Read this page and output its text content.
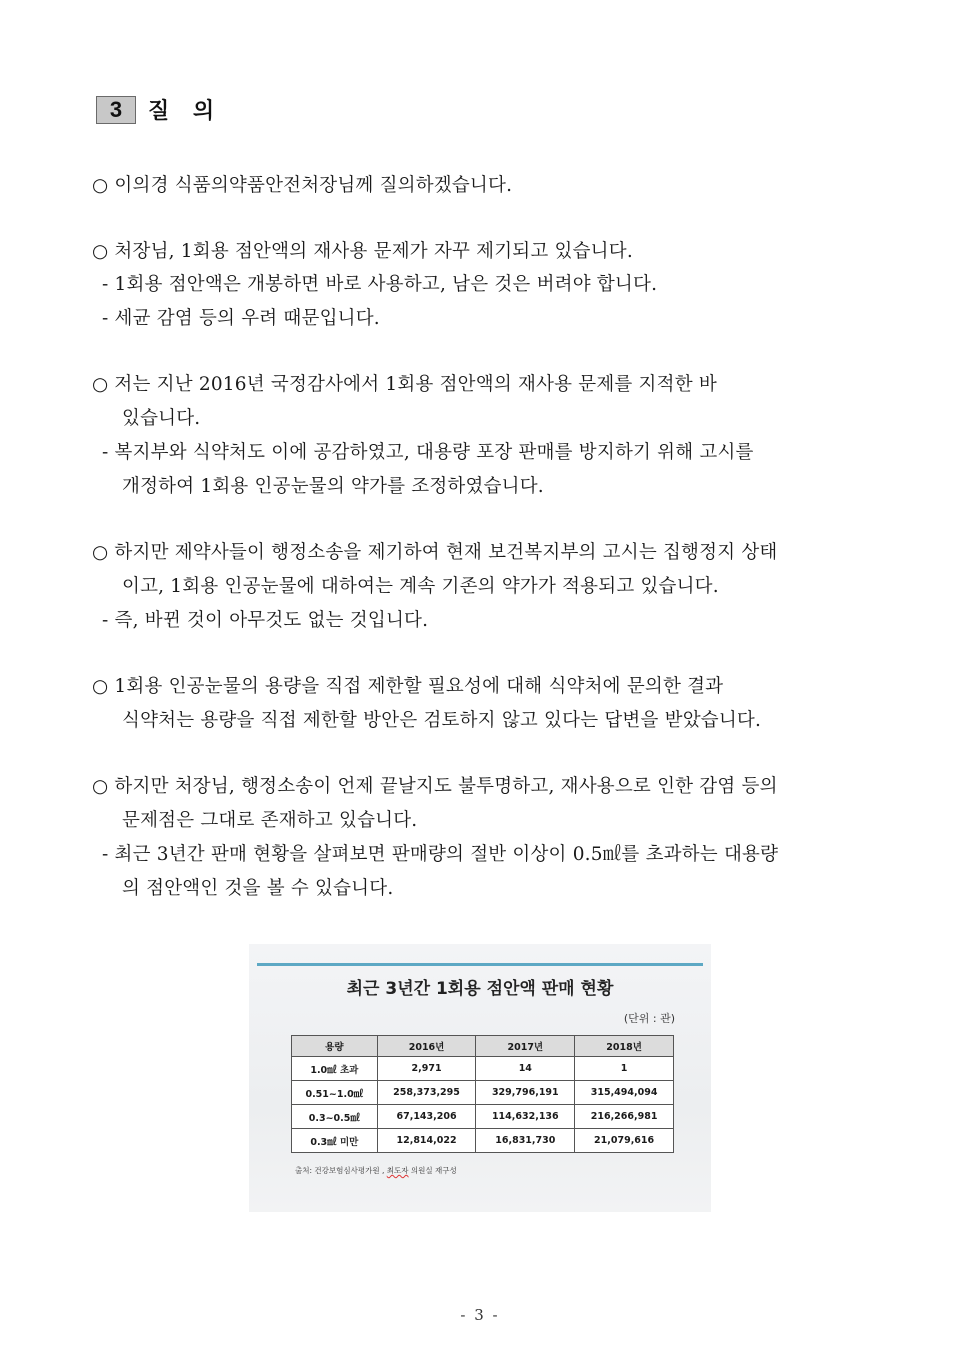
3	질 의
○ 이의경 식품의약품안전처장님께 질의하겠습니다.
○ 처장님, 1회용 점안액의 재사용 문제가 자꾸 제기되고 있습니다.
- 1회용 점안액은 개봉하면 바로 사용하고, 남은 것은 버려야 합니다.
- 세균 감염 등의 우려 때문입니다.
○ 저는 지난 2016년 국정감사에서 1회용 점안액의 재사용 문제를 지적한 바
있습니다.
- 복지부와 식약처도 이에 공감하였고, 대용량 포장 판매를 방지하기 위해 고시를
개정하여 1회용 인공눈물의 약가를 조정하였습니다.
○ 하지만 제약사들이 행정소송을 제기하여 현재 보건복지부의 고시는 집행정지 상태
이고, 1회용 인공눈물에 대하여는 계속 기존의 약가가 적용되고 있습니다.
- 즉, 바뀐 것이 아무것도 없는 것입니다.
○ 1회용 인공눈물의 용량을 직접 제한할 필요성에 대해 식약처에 문의한 결과
식약처는 용량을 직접 제한할 방안은 검토하지 않고 있다는 답변을 받았습니다.
○ 하지만 처장님, 행정소송이 언제 끝날지도 불투명하고, 재사용으로 인한 감염 등의
문제점은 그대로 존재하고 있습니다.
- 최근 3년간 판매 현황을 살펴보면 판매량의 절반 이상이 0.5㎖를 초과하는 대용량
의 점안액인 것을 볼 수 있습니다.
최근 3년간 1회용 점안액 판매 현황
(단위 : 관)
용량	2016년	2017년	2018년
1.0㎖ 초과	2,971	14	1
0.51~1.0㎖	258,373,295	329,796,191	315,494,094
0.3~0.5㎖	67,143,206	114,632,136	216,266,981
0.3㎖ 미만	12,814,022	16,831,730	21,079,616
출처: 건강보험심사평가원 , 최도자 의원실 재구성
- 3 -
